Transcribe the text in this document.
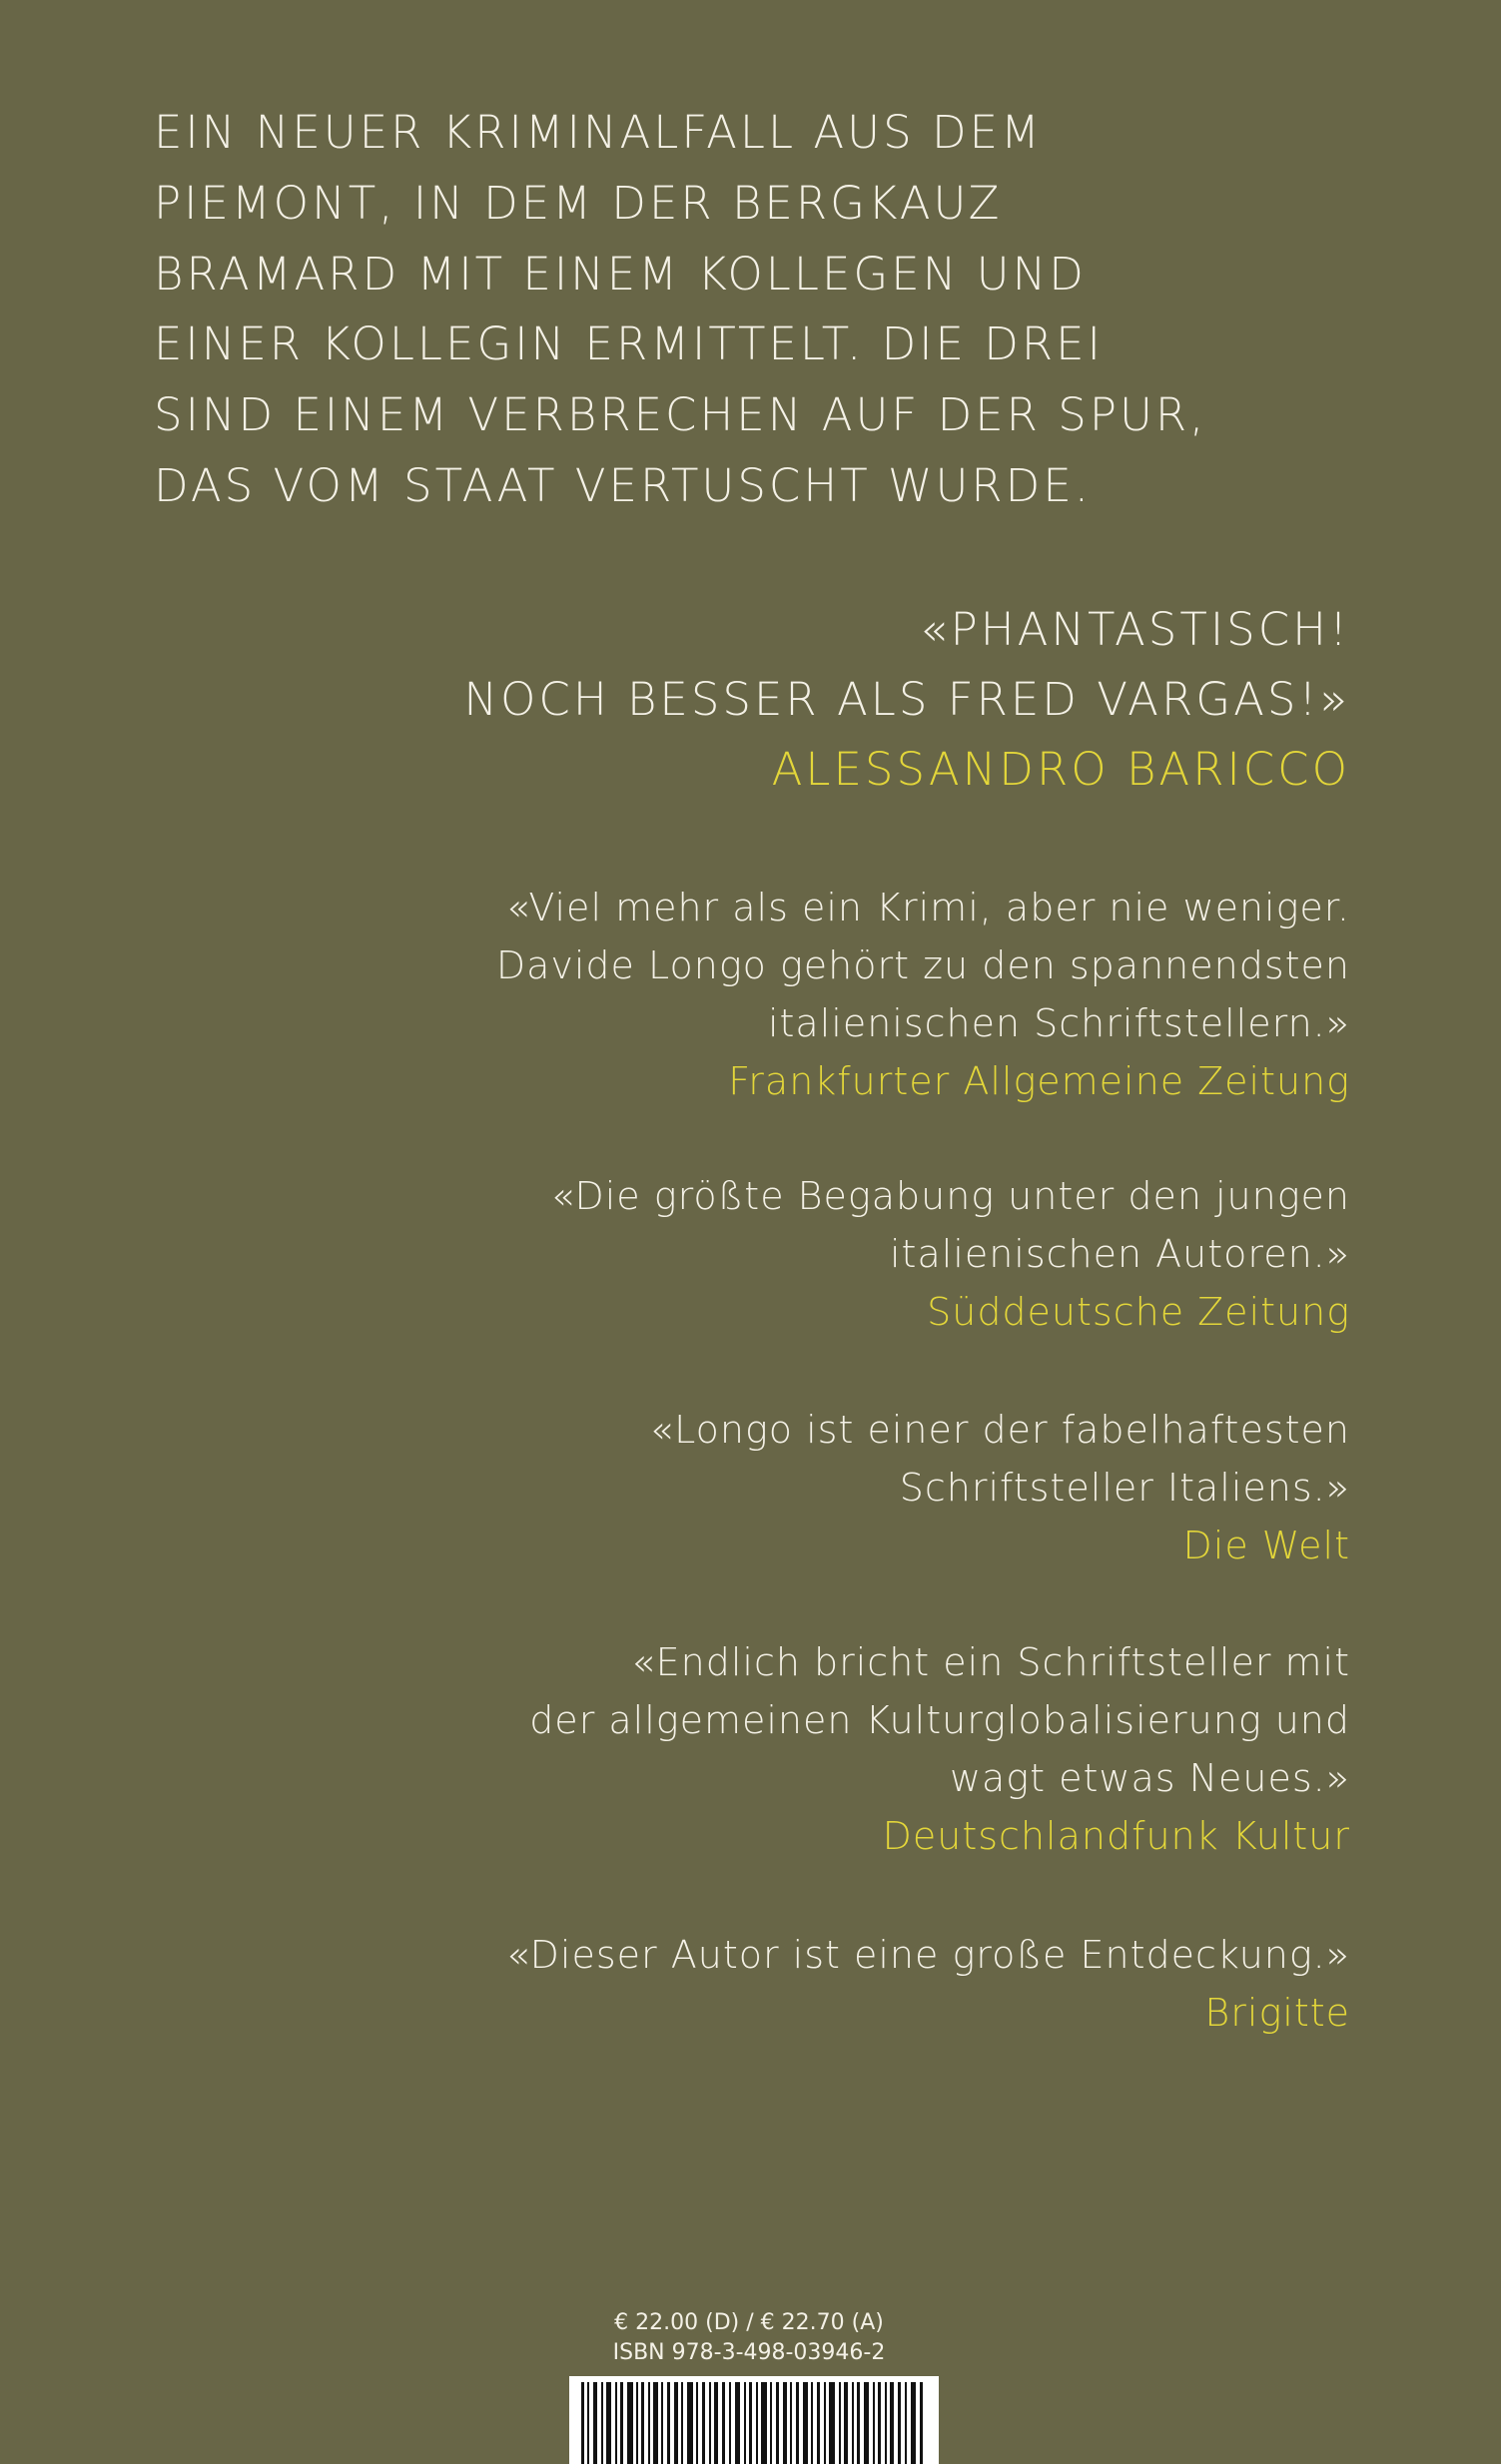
EIN NEUER KRIMINALFALL AUS DEM
PIEMONT, IN DEM DER BERGKAUZ
BRAMARD MIT EINEM KOLLEGEN UND
EINER KOLLEGIN ERMITTELT. DIE DREI
SIND EINEM VERBRECHEN AUF DER SPUR,
DAS VOM STAAT VERTUSCHT WURDE.
«PHANTASTISCH!
NOCH BESSER ALS FRED VARGAS!»
ALESSANDRO BARICCO
«Viel mehr als ein Krimi, aber nie weniger.
Davide Longo gehört zu den spannendsten
italienischen Schriftstellern.»
Frankfurter Allgemeine Zeitung
«Die größte Begabung unter den jungen
italienischen Autoren.»
Süddeutsche Zeitung
«Longo ist einer der fabelhaftesten
Schriftsteller Italiens.»
Die Welt
«Endlich bricht ein Schriftsteller mit
der allgemeinen Kulturglobalisierung und
wagt etwas Neues.»
Deutschlandfunk Kultur
«Dieser Autor ist eine große Entdeckung.»
Brigitte
€ 22.00 (D) / € 22.70 (A)
ISBN 978-3-498-03946-2
